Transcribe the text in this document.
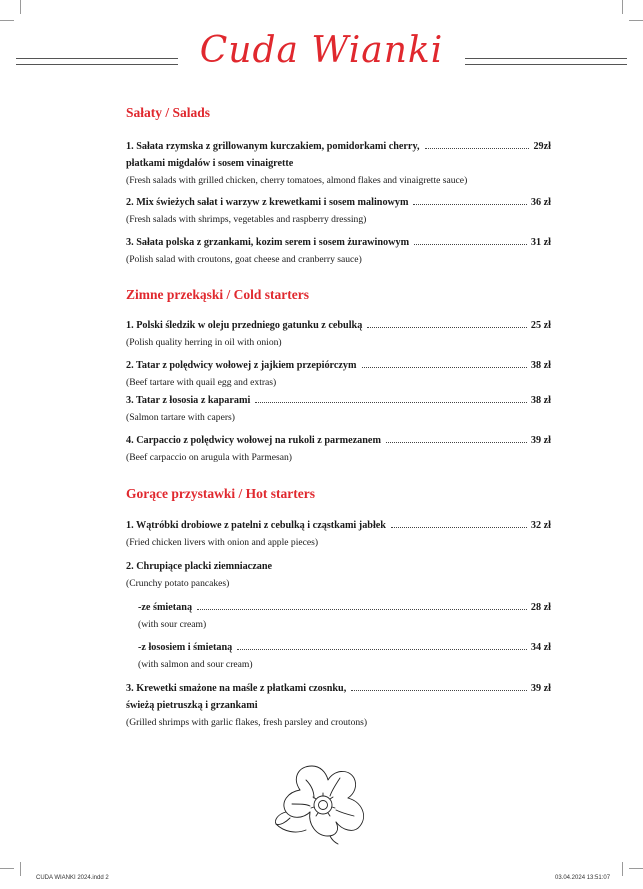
Cuda Wianki
Sałaty / Salads
1. Sałata rzymska z grillowanym kurczakiem, pomidorkami cherry,	29zł
płatkami migdałów i sosem vinaigrette
(Fresh salads with grilled chicken, cherry tomatoes, almond flakes and vinaigrette sauce)
2. Mix świeżych sałat i warzyw z krewetkami i sosem malinowym	36 zł
(Fresh salads with shrimps, vegetables and raspberry dressing)
3. Sałata polska z grzankami, kozim serem i sosem żurawinowym	31 zł
(Polish salad with croutons, goat cheese and cranberry sauce)
Zimne przekąski / Cold starters
1. Polski śledzik w oleju przedniego gatunku z cebulką	25 zł
(Polish quality herring in oil with onion)
2. Tatar z polędwicy wołowej z jajkiem przepiórczym	38 zł
(Beef tartare with quail egg and extras)
3. Tatar z łososia z kaparami	38 zł
(Salmon tartare with capers)
4. Carpaccio z polędwicy wołowej na rukoli z parmezanem	39 zł
(Beef carpaccio on arugula with Parmesan)
Gorące przystawki / Hot starters
1. Wątróbki drobiowe z patelni z cebulką i cząstkami jabłek	32 zł
(Fried chicken livers with onion and apple pieces)
2. Chrupiące placki ziemniaczane
(Crunchy potato pancakes)
-ze śmietaną	28 zł
(with sour cream)
-z łososiem i śmietaną	34 zł
(with salmon and sour cream)
3. Krewetki smażone na maśle z płatkami czosnku,	39 zł
świeżą pietruszką i grzankami
(Grilled shrimps with garlic flakes, fresh parsley and croutons)
CUDA WIANKI 2024.indd 2	03.04.2024 13:51:07
